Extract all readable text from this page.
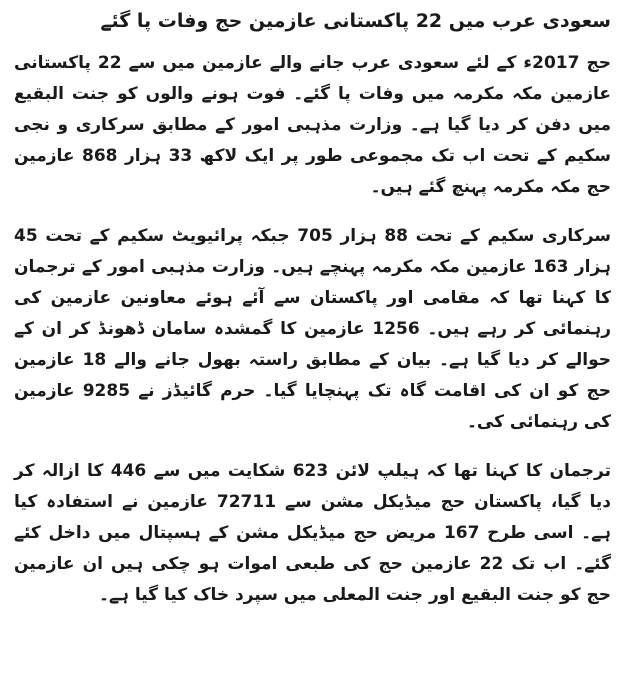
سعودی عرب میں 22 پاکستانی عازمین حج وفات پا گئے

حج 2017ء کے لئے سعودی عرب جانے والے عازمین میں سے 22 پاکستانی عازمین مکہ مکرمہ میں وفات پا گئے۔ فوت ہونے والوں کو جنت البقیع میں دفن کر دیا گیا ہے۔ وزارت مذہبی امور کے مطابق سرکاری و نجی سکیم کے تحت اب تک مجموعی طور پر ایک لاکھ 33 ہزار 868 عازمین حج مکہ مکرمہ پہنچ گئے ہیں۔

سرکاری سکیم کے تحت 88 ہزار 705 جبکہ پرائیویٹ سکیم کے تحت 45 ہزار 163 عازمین مکہ مکرمہ پہنچے ہیں۔ وزارت مذہبی امور کے ترجمان کا کہنا تھا کہ مقامی اور پاکستان سے آئے ہوئے معاونین عازمین کی رہنمائی کر رہے ہیں۔ 1256 عازمین کا گمشدہ سامان ڈھونڈ کر ان کے حوالے کر دیا گیا ہے۔ بیان کے مطابق راستہ بھول جانے والے 18 عازمین حج کو ان کی اقامت گاہ تک پہنچایا گیا۔ حرم گائیڈز نے 9285 عازمین کی رہنمائی کی۔

ترجمان کا کہنا تھا کہ ہیلپ لائن 623 شکایت میں سے 446 کا ازالہ کر دیا گیا، پاکستان حج میڈیکل مشن سے 72711 عازمین نے استفادہ کیا ہے۔ اسی طرح 167 مریض حج میڈیکل مشن کے ہسپتال میں داخل کئے گئے۔ اب تک 22 عازمین حج کی طبعی اموات ہو چکی ہیں ان عازمین حج کو جنت البقیع اور جنت المعلی میں سپرد خاک کیا گیا ہے۔
